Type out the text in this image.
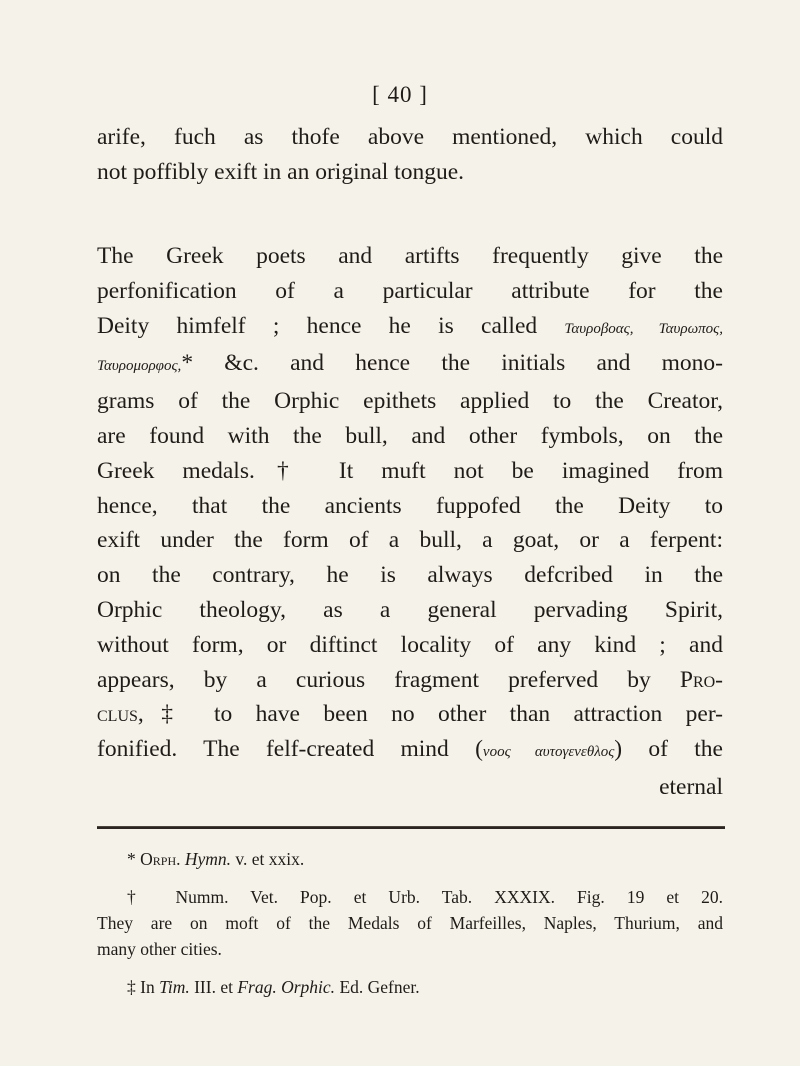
[ 40 ]
arife, fuch as thofe above mentioned, which could
not poffibly exift in an original tongue.
The Greek poets and artifts frequently give the
perfonification of a particular attribute for the
Deity himfelf ; hence he is called Ταυροβοας, Ταυρωπος,
Ταυρομορφος,* &c. and hence the initials and mono-
grams of the Orphic epithets applied to the Creator,
are found with the bull, and other fymbols, on the
Greek medals.† It muft not be imagined from
hence, that the ancients fuppofed the Deity to
exift under the form of a bull, a goat, or a ferpent:
on the contrary, he is always defcribed in the
Orphic theology, as a general pervading Spirit,
without form, or diftinct locality of any kind ; and
appears, by a curious fragment preferved by Pro-
clus,‡ to have been no other than attraction per-
fonified. The felf-created mind (νοος αυτογενεθλος) of the
eternal
* Orph. Hymn. v. et xxix.
† Numm. Vet. Pop. et Urb. Tab. XXXIX. Fig. 19 et 20.
They are on moft of the Medals of Marfeilles, Naples, Thurium, and
many other cities.
‡ In Tim. III. et Frag. Orphic. Ed. Gefner.
